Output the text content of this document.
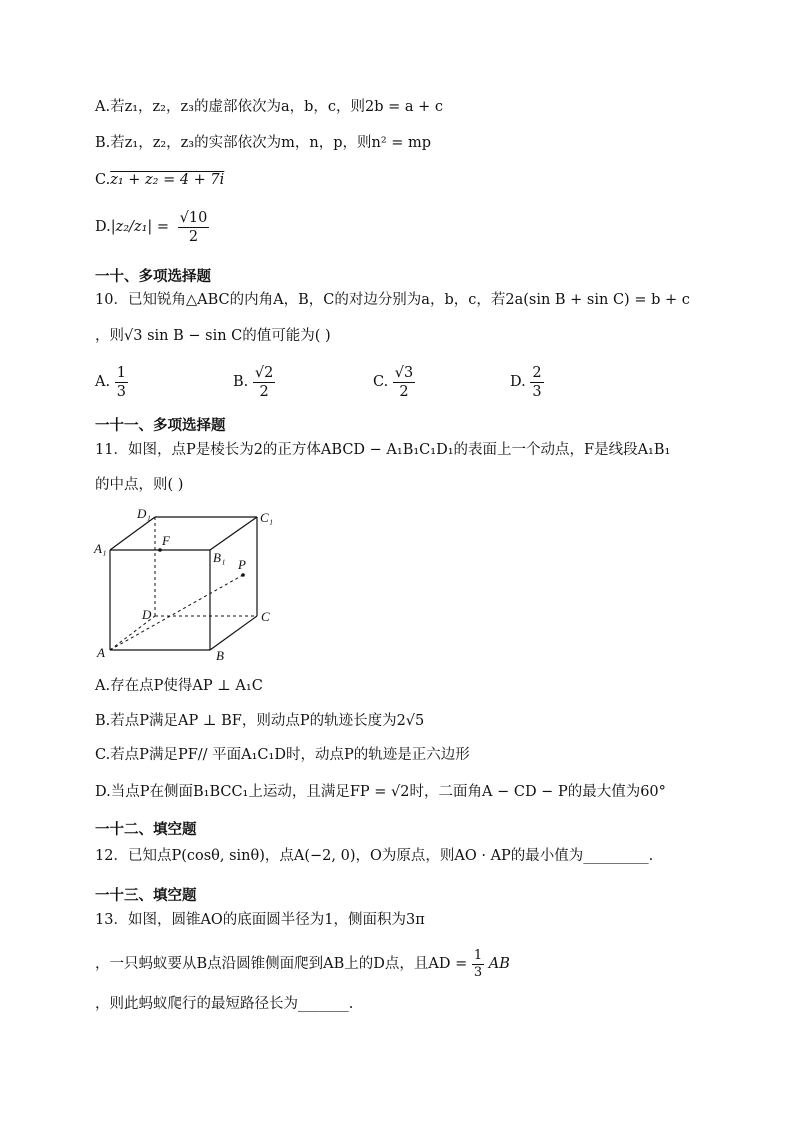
A.若z₁，z₂，z₃的虚部依次为a，b，c，则2b = a + c
B.若z₁，z₂，z₃的实部依次为m，n，p，则n² = mp
C.z₁ + z₂ = 4 + 7i
$D.|z_2/z_1| = \frac{√10}{2}$
一十、多项选择题
10．已知锐角△ABC的内角A，B，C的对边分别为a，b，c，若2a(sin B + sin C) = b + c
，则√3 sin B − sin C的值可能为( )
A. $\frac{1}{3}$	B. $\frac{√2}{2}$	C. $\frac{√3}{2}$	D. $\frac{2}{3}$
一十一、多项选择题
11．如图，点P是棱长为2的正方体ABCD − A₁B₁C₁D₁的表面上一个动点，F是线段A₁B₁
的中点，则( )
D₁	C₁
A₁
F
B₁ P
D	C
A	B
A.存在点P使得AP ⊥ A₁C
B.若点P满足AP ⊥ BF，则动点P的轨迹长度为2√5
C.若点P满足PF// 平面A₁C₁D时，动点P的轨迹是正六边形
D.当点P在侧面B₁BCC₁上运动，且满足FP = √2时，二面角A − CD − P的最大值为60°
一十二、填空题
12．已知点P(cosθ, sinθ)，点A(−2, 0)，O为原点，则AO · AP的最小值为_________.
一十三、填空题
13．如图，圆锥AO的底面圆半径为1，侧面积为3π
，一只蚂蚁要从B点沿圆锥侧面爬到AB上的D点，且AD = $\frac{1}{3}$ AB
，则此蚂蚁爬行的最短路径长为_______.
